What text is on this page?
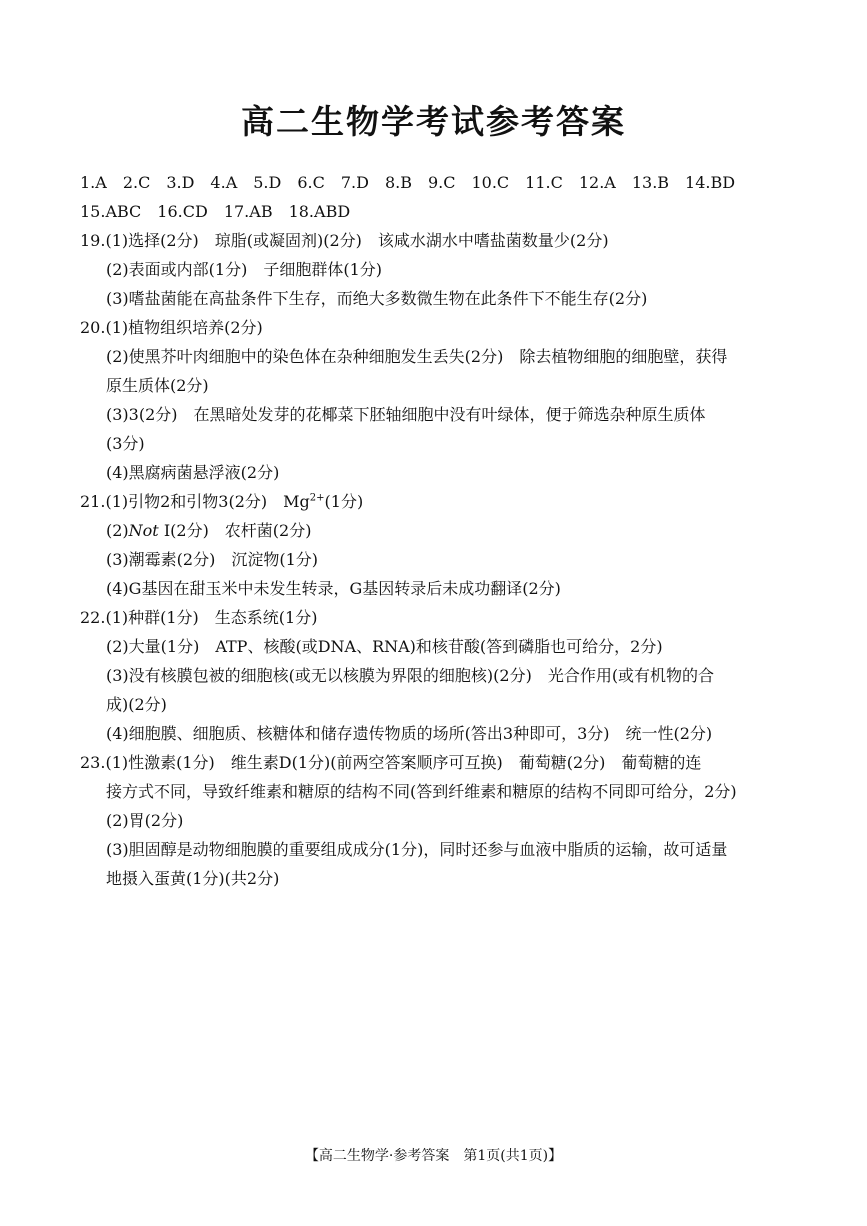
高二生物学考试参考答案
1.A　2.C　3.D　4.A　5.D　6.C　7.D　8.B　9.C　10.C　11.C　12.A　13.B　14.BD
15.ABC　16.CD　17.AB　18.ABD
19.(1)选择(2分)　琼脂(或凝固剂)(2分)　该咸水湖水中嗜盐菌数量少(2分)
(2)表面或内部(1分)　子细胞群体(1分)
(3)嗜盐菌能在高盐条件下生存，而绝大多数微生物在此条件下不能生存(2分)
20.(1)植物组织培养(2分)
(2)使黑芥叶肉细胞中的染色体在杂种细胞发生丢失(2分)　除去植物细胞的细胞壁，获得
原生质体(2分)
(3)3(2分)　在黑暗处发芽的花椰菜下胚轴细胞中没有叶绿体，便于筛选杂种原生质体
(3分)
(4)黑腐病菌悬浮液(2分)
21.(1)引物2和引物3(2分)　$Mg^{2+}(1$分)
(2)Not Ⅰ(2分)　农杆菌(2分)
(3)潮霉素(2分)　沉淀物(1分)
(4)G基因在甜玉米中未发生转录，G基因转录后未成功翻译(2分)
22.(1)种群(1分)　生态系统(1分)
(2)大量(1分)　ATP、核酸(或DNA、RNA)和核苷酸(答到磷脂也可给分，2分)
(3)没有核膜包被的细胞核(或无以核膜为界限的细胞核)(2分)　光合作用(或有机物的合
成)(2分)
(4)细胞膜、细胞质、核糖体和储存遗传物质的场所(答出3种即可，3分)　统一性(2分)
23.(1)性激素(1分)　维生素D(1分)(前两空答案顺序可互换)　葡萄糖(2分)　葡萄糖的连
接方式不同，导致纤维素和糖原的结构不同(答到纤维素和糖原的结构不同即可给分，2分)
(2)胃(2分)
(3)胆固醇是动物细胞膜的重要组成成分(1分)，同时还参与血液中脂质的运输，故可适量
地摄入蛋黄(1分)(共2分)
【高二生物学·参考答案　第1页(共1页)】
